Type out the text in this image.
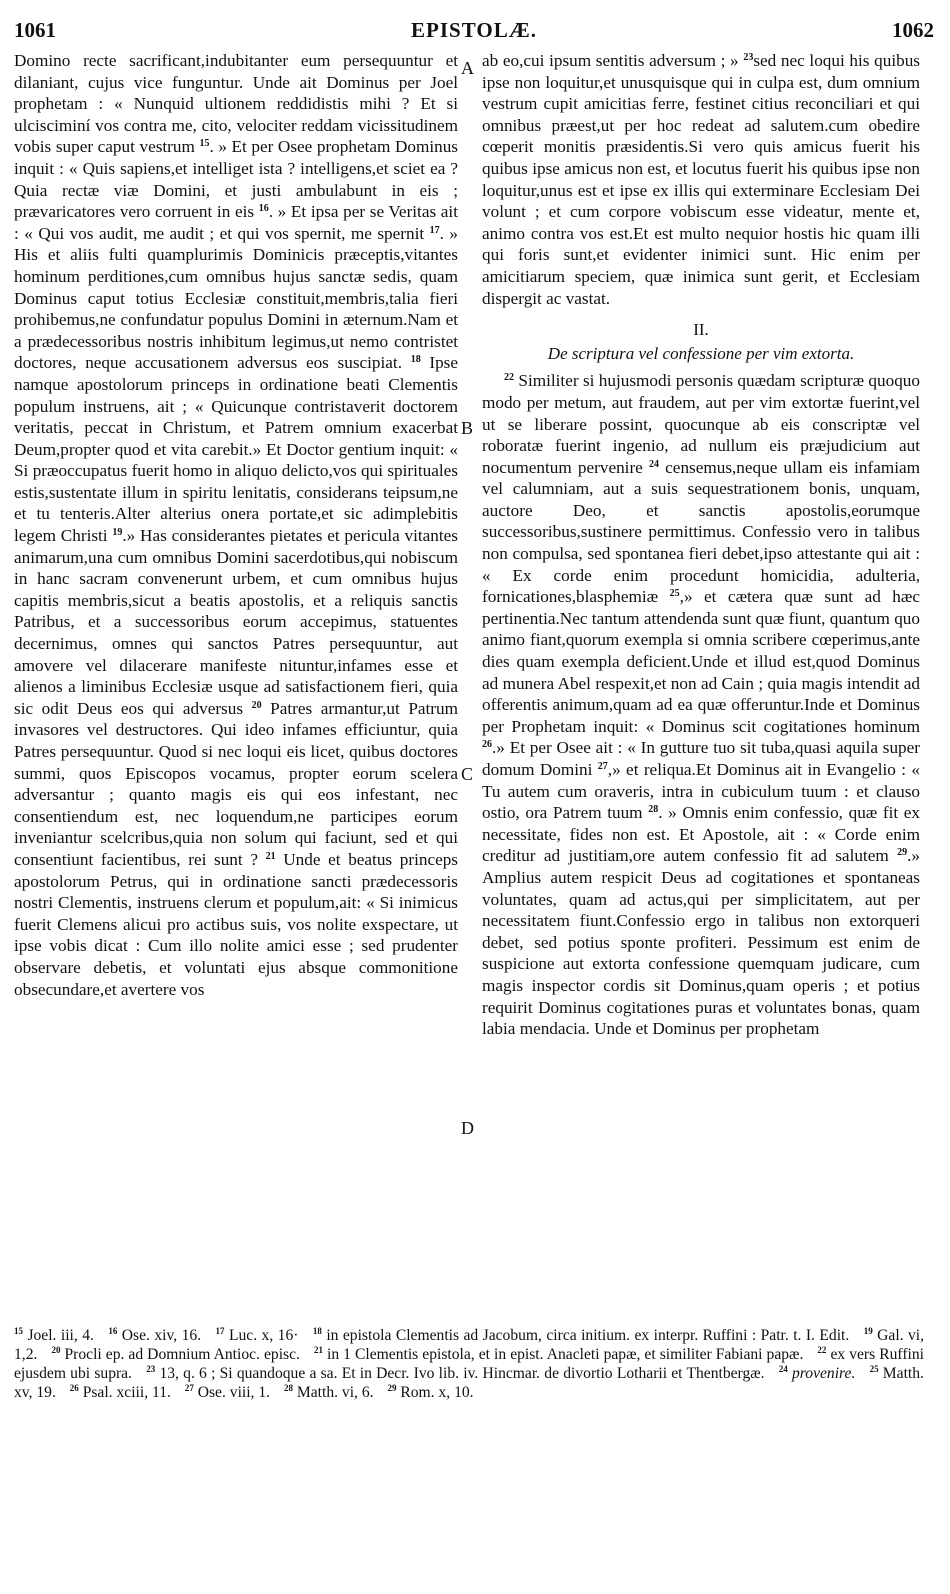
1061	EPISTOLÆ.	1062
A
B
C
D

Domino recte sacrificant,indubitanter eum persequuntur et dilaniant, cujus vice funguntur. Unde ait Dominus per Joel prophetam : « Nunquid ultionem reddidistis mihi ? Et si ulcisciminí vos contra me, cito, velociter reddam vicissitudinem vobis super caput vestrum $^{15}$. » Et per Osee prophetam Dominus inquit : « Quis sapiens,et intelliget ista ? intelligens,et sciet ea ? Quia rectæ viæ Domini, et justi ambulabunt in eis ; prævaricatores vero corruent in eis $^{16}$. » Et ipsa per se Veritas ait : « Qui vos audit, me audit ; et qui vos spernit, me spernit $^{17}$. » His et aliis fulti quamplurimis Dominicis præceptis,vitantes hominum perditiones,cum omnibus hujus sanctæ sedis, quam Dominus caput totius Ecclesiæ constituit,membris,talia fieri prohibemus,ne confundatur populus Domini in æternum.Nam et a prædecessoribus nostris inhibitum legimus,ut nemo contristet doctores, neque accusationem adversus eos suscipiat. $^{18}$ Ipse namque apostolorum princeps in ordinatione beati Clementis populum instruens, ait ; « Quicunque contristaverit doctorem veritatis, peccat in Christum, et Patrem omnium exacerbat Deum,propter quod et vita carebit.» Et Doctor gentium inquit: « Si præoccupatus fuerit homo in aliquo delicto,vos qui spirituales estis,sustentate illum in spiritu lenitatis, considerans teipsum,ne et tu tenteris.Alter alterius onera portate,et sic adimplebitis legem Christi $^{19}$.» Has considerantes pietates et pericula vitantes animarum,una cum omnibus Domini sacerdotibus,qui nobiscum in hanc sacram convenerunt urbem, et cum omnibus hujus capitis membris,sicut a beatis apostolis, et a reliquis sanctis Patribus, et a successoribus eorum accepimus, statuentes decernimus, omnes qui sanctos Patres persequuntur, aut amovere vel dilacerare manifeste nituntur,infames esse et alienos a liminibus Ecclesiæ usque ad satisfactionem fieri, quia sic odit Deus eos qui adversus $^{20}$ Patres armantur,ut Patrum invasores vel destructores. Qui ideo infames efficiuntur, quia Patres persequuntur. Quod si nec loqui eis licet, quibus doctores summi, quos Episcopos vocamus, propter eorum scelera adversantur ; quanto magis eis qui eos infestant, nec consentiendum est, nec loquendum,ne participes eorum inveniantur scelcribus,quia non solum qui faciunt, sed et qui consentiunt facientibus, rei sunt ? $^{21}$ Unde et beatus princeps apostolorum Petrus, qui in ordinatione sancti prædecessoris nostri Clementis, instruens clerum et populum,ait: « Si inimicus fuerit Clemens alicui pro actibus suis, vos nolite exspectare, ut ipse vobis dicat : Cum illo nolite amici esse ; sed prudenter observare debetis, et voluntati ejus absque commonitione obsecundare,et avertere vos

ab eo,cui ipsum sentitis adversum ; » $^{23}$sed nec loqui his quibus ipse non loquitur,et unusquisque qui in culpa est, dum omnium vestrum cupit amicitias ferre, festinet citius reconciliari et qui omnibus præest,ut per hoc redeat ad salutem.cum obedire cœperit monitis præsidentis.Si vero quis amicus fuerit his quibus ipse amicus non est, et locutus fuerit his quibus ipse non loquitur,unus est et ipse ex illis qui exterminare Ecclesiam Dei volunt ; et cum corpore vobiscum esse videatur, mente et, animo contra vos est.Et est multo nequior hostis hic quam illi qui foris sunt,et evidenter inimici sunt. Hic enim per amicitiarum speciem, quæ inimica sunt gerit, et Ecclesiam dispergit ac vastat.

II.
De scriptura vel confessione per vim extorta.

$^{22}$ Similiter si hujusmodi personis quædam scripturæ quoquo modo per metum, aut fraudem, aut per vim extortæ fuerint,vel ut se liberare possint, quocunque ab eis conscriptæ vel roboratæ fuerint ingenio, ad nullum eis præjudicium aut nocumentum pervenire $^{24}$ censemus,neque ullam eis infamiam vel calumniam, aut a suis sequestrationem bonis, unquam, auctore Deo, et sanctis apostolis,eorumque successoribus,sustinere permittimus. Confessio vero in talibus non compulsa, sed spontanea fieri debet,ipso attestante qui ait : « Ex corde enim procedunt homicidia, adulteria, fornicationes,blasphemiæ $^{25}$,» et cætera quæ sunt ad hæc pertinentia.Nec tantum attendenda sunt quæ fiunt, quantum quo animo fiant,quorum exempla si omnia scribere cœperimus,ante dies quam exempla deficient.Unde et illud est,quod Dominus ad munera Abel respexit,et non ad Cain ; quia magis intendit ad offerentis animum,quam ad ea quæ offeruntur.Inde et Dominus per Prophetam inquit: « Dominus scit cogitationes hominum $^{26}$.» Et per Osee ait : « In gutture tuo sit tuba,quasi aquila super domum Domini $^{27}$,» et reliqua.Et Dominus ait in Evangelio : « Tu autem cum oraveris, intra in cubiculum tuum : et clauso ostio, ora Patrem tuum $^{28}$. » Omnis enim confessio, quæ fit ex necessitate, fides non est. Et Apostole, ait : « Corde enim creditur ad justitiam,ore autem confessio fit ad salutem $^{29}$.» Amplius autem respicit Deus ad cogitationes et spontaneas voluntates, quam ad actus,qui per simplicitatem, aut per necessitatem fiunt.Confessio ergo in talibus non extorqueri debet, sed potius sponte profiteri. Pessimum est enim de suspicione aut extorta confessione quemquam judicare, cum magis inspector cordis sit Dominus,quam operis ; et potius requirit Dominus cogitationes puras et voluntates bonas, quam labia mendacia. Unde et Dominus per prophetam

$^{15}$ Joel. iii, 4. $^{16}$ Ose. xiv, 16. $^{17}$ Luc. x, 16· $^{18}$ in epistola Clementis ad Jacobum, circa initium. ex interpr. Ruffini : Patr. t. I. Edit. $^{19}$ Gal. vi, 1,2. $^{20}$ Procli ep. ad Domnium Antioc. episc. $^{21}$ in 1 Clementis epistola, et in epist. Anacleti papæ, et similiter Fabiani papæ. $^{22}$ ex vers Ruffini ejusdem ubi supra. $^{23}$ 13, q. 6 ; Si quandoque a sa. Et in Decr. Ivo lib. iv. Hincmar. de divortio Lotharii et Thentbergæ. $^{24}$ provenire. $^{25}$ Matth. xv, 19. $^{26}$ Psal. xciii, 11. $^{27}$ Ose. viii, 1. $^{28}$ Matth. vi, 6. $^{29}$ Rom. x, 10.
